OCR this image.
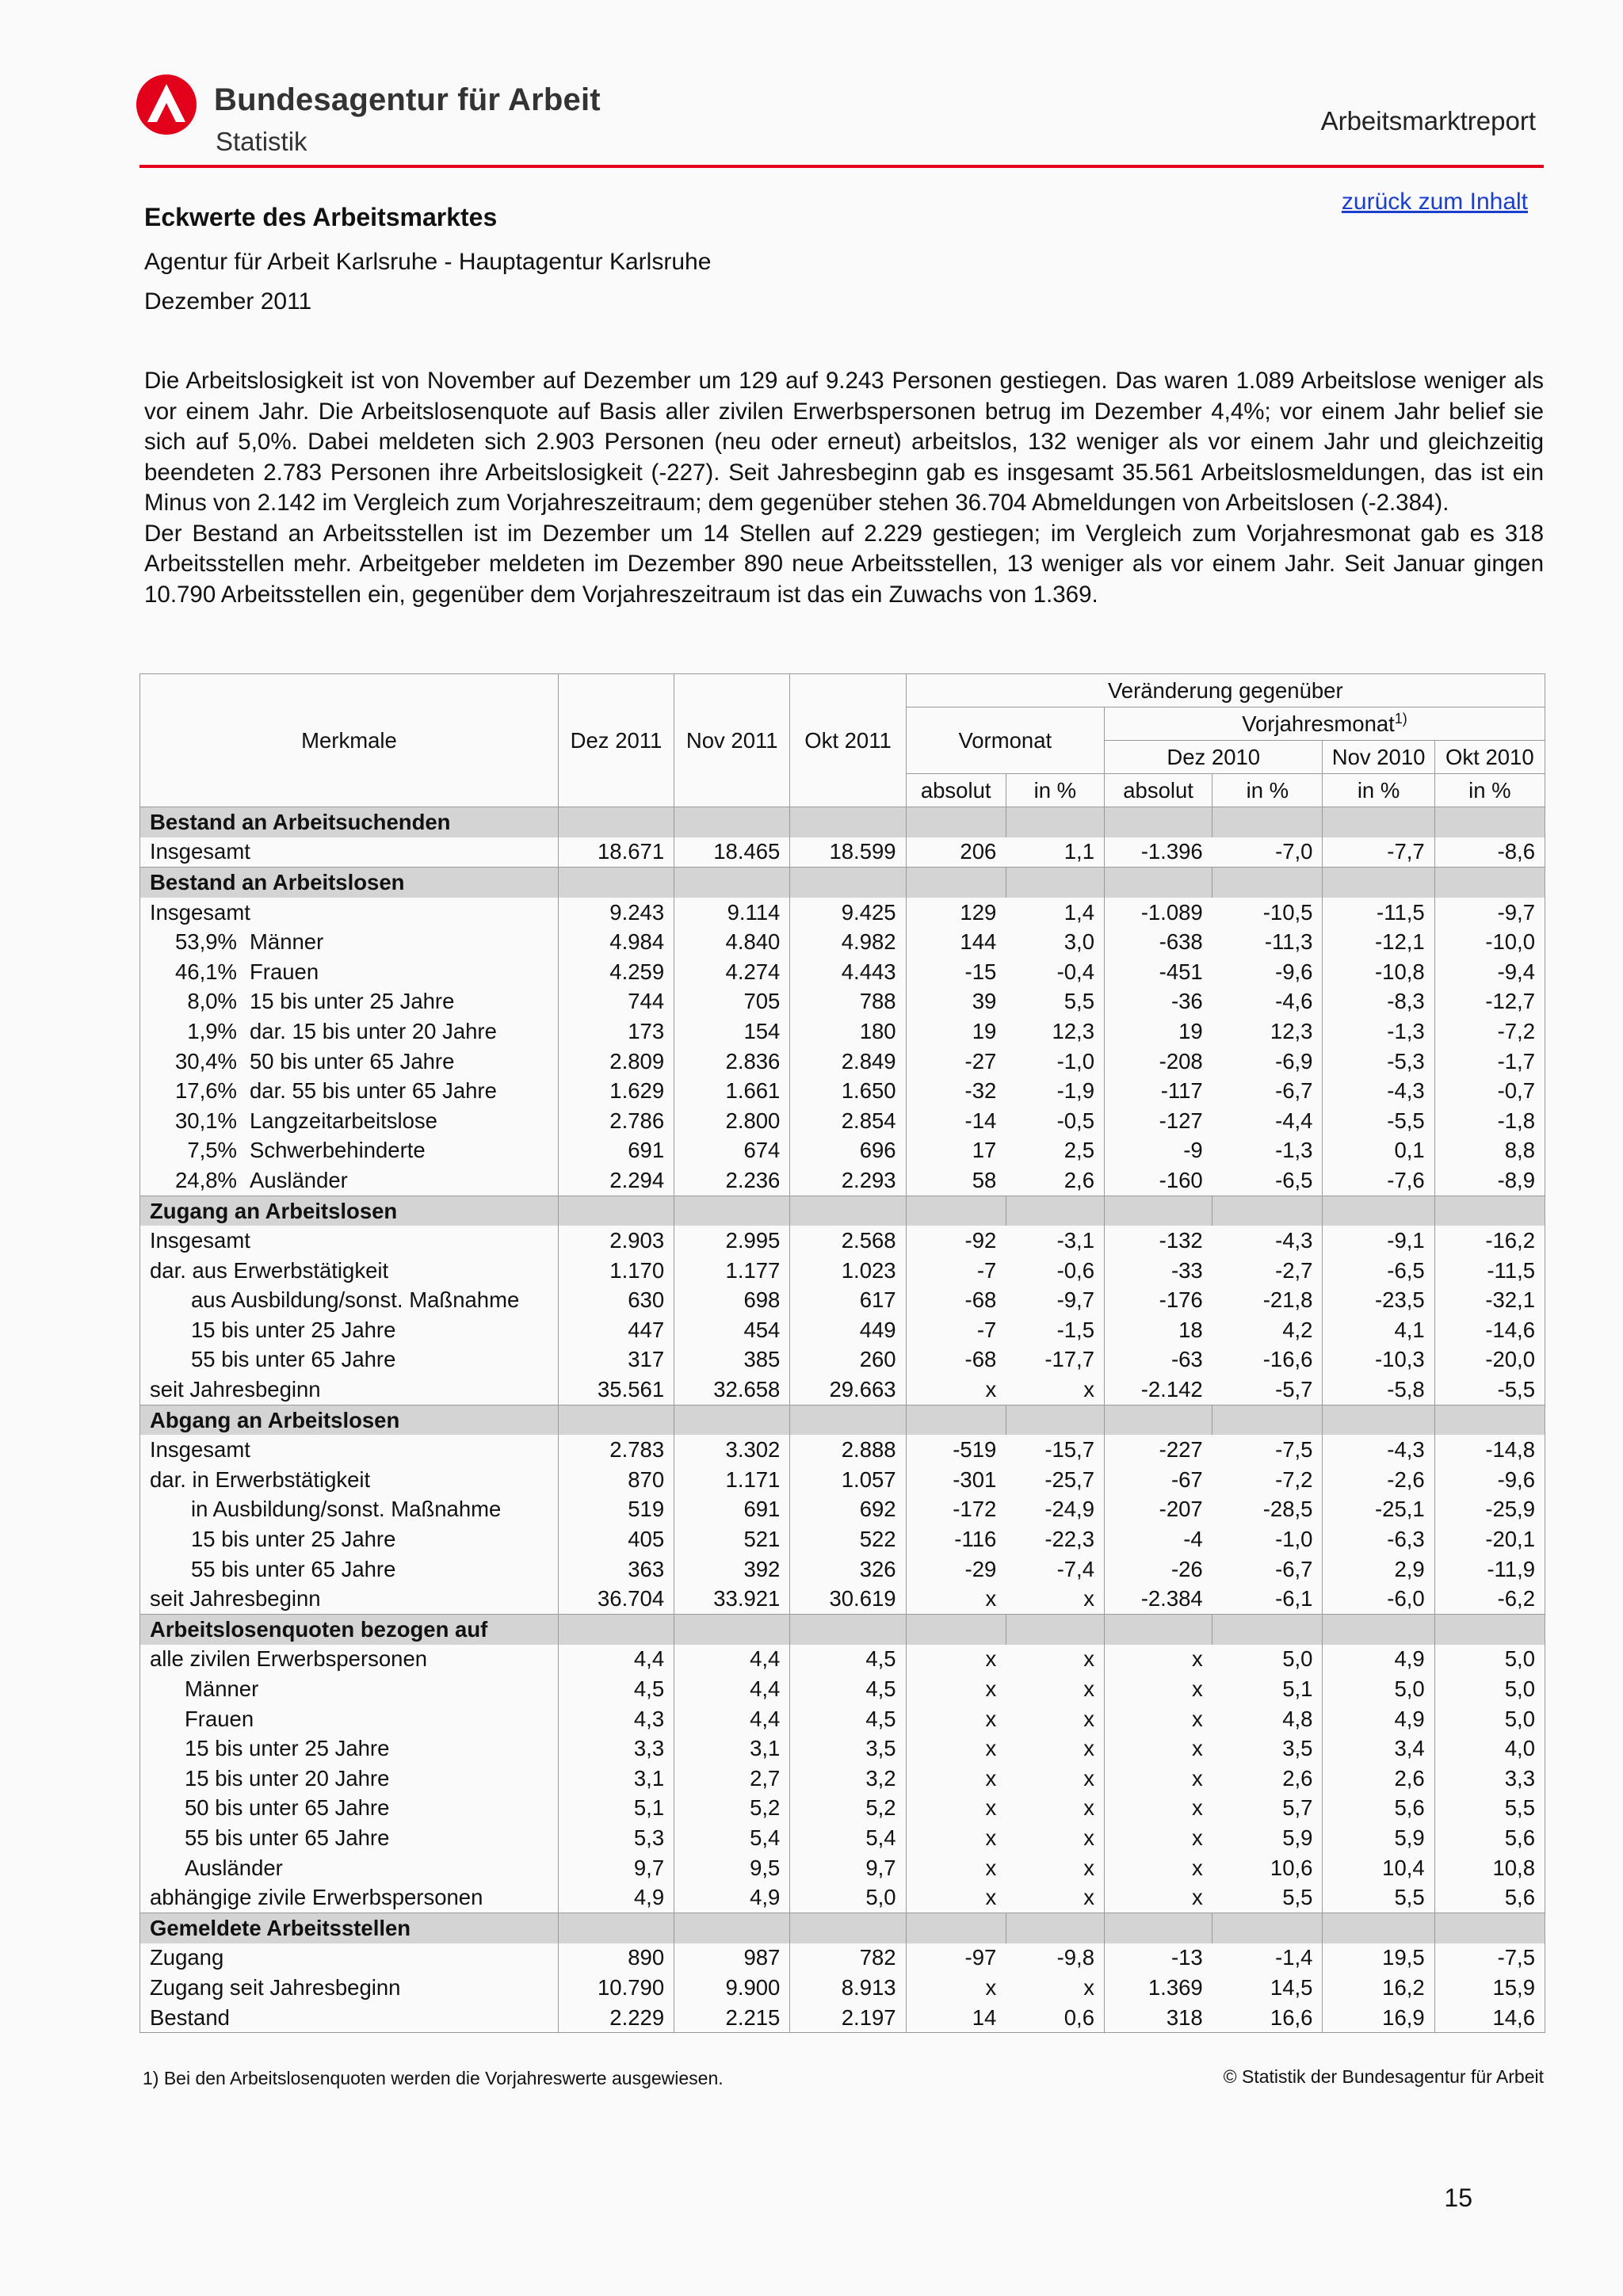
Bundesagentur für Arbeit
Statistik
Arbeitsmarktreport
zurück zum Inhalt
Eckwerte des Arbeitsmarktes
Agentur für Arbeit Karlsruhe - Hauptagentur Karlsruhe
Dezember 2011

Die Arbeitslosigkeit ist von November auf Dezember um 129 auf 9.243 Personen gestiegen. Das waren 1.089 Arbeitslose weniger als vor einem Jahr. Die Arbeitslosenquote auf Basis aller zivilen Erwerbspersonen betrug im Dezember 4,4%; vor einem Jahr belief sie sich auf 5,0%. Dabei meldeten sich 2.903 Personen (neu oder erneut) arbeitslos, 132 weniger als vor einem Jahr und gleichzeitig beendeten 2.783 Personen ihre Arbeitslosigkeit (-227). Seit Jahresbeginn gab es insgesamt 35.561 Arbeitslosmeldungen, das ist ein Minus von 2.142 im Vergleich zum Vorjahreszeitraum; dem gegenüber stehen 36.704 Abmeldungen von Arbeitslosen (-2.384).

Der Bestand an Arbeitsstellen ist im Dezember um 14 Stellen auf 2.229 gestiegen; im Vergleich zum Vorjahresmonat gab es 318 Arbeitsstellen mehr. Arbeitgeber meldeten im Dezember 890 neue Arbeitsstellen, 13 weniger als vor einem Jahr. Seit Januar gingen 10.790 Arbeitsstellen ein, gegenüber dem Vorjahreszeitraum ist das ein Zuwachs von 1.369.

Merkmale	Dez 2011	Nov 2011	Okt 2011	Veränderung gegenüber					
				Vormonat		Vorjahresmonat$^{1)}$
						Dez 2010		Nov 2010	Okt 2010
				absolut	in %	absolut	in %	in %	in %
Bestand an Arbeitsuchenden									
Insgesamt	18.671	18.465	18.599	206	1,1	-1.396	-7,0	-7,7	-8,6
Bestand an Arbeitslosen									
Insgesamt	9.243	9.114	9.425	129	1,4	-1.089	-10,5	-11,5	-9,7
53,9% Männer	4.984	4.840	4.982	144	3,0	-638	-11,3	-12,1	-10,0
46,1% Frauen	4.259	4.274	4.443	-15	-0,4	-451	-9,6	-10,8	-9,4
8,0% 15 bis unter 25 Jahre	744	705	788	39	5,5	-36	-4,6	-8,3	-12,7
1,9% dar. 15 bis unter 20 Jahre	173	154	180	19	12,3	19	12,3	-1,3	-7,2
30,4% 50 bis unter 65 Jahre	2.809	2.836	2.849	-27	-1,0	-208	-6,9	-5,3	-1,7
17,6% dar. 55 bis unter 65 Jahre	1.629	1.661	1.650	-32	-1,9	-117	-6,7	-4,3	-0,7
30,1% Langzeitarbeitslose	2.786	2.800	2.854	-14	-0,5	-127	-4,4	-5,5	-1,8
7,5% Schwerbehinderte	691	674	696	17	2,5	-9	-1,3	0,1	8,8
24,8% Ausländer	2.294	2.236	2.293	58	2,6	-160	-6,5	-7,6	-8,9
Zugang an Arbeitslosen									
Insgesamt	2.903	2.995	2.568	-92	-3,1	-132	-4,3	-9,1	-16,2
dar. aus Erwerbstätigkeit	1.170	1.177	1.023	-7	-0,6	-33	-2,7	-6,5	-11,5
aus Ausbildung/sonst. Maßnahme	630	698	617	-68	-9,7	-176	-21,8	-23,5	-32,1
15 bis unter 25 Jahre	447	454	449	-7	-1,5	18	4,2	4,1	-14,6
55 bis unter 65 Jahre	317	385	260	-68	-17,7	-63	-16,6	-10,3	-20,0
seit Jahresbeginn	35.561	32.658	29.663	x	x	-2.142	-5,7	-5,8	-5,5
Abgang an Arbeitslosen									
Insgesamt	2.783	3.302	2.888	-519	-15,7	-227	-7,5	-4,3	-14,8
dar. in Erwerbstätigkeit	870	1.171	1.057	-301	-25,7	-67	-7,2	-2,6	-9,6
in Ausbildung/sonst. Maßnahme	519	691	692	-172	-24,9	-207	-28,5	-25,1	-25,9
15 bis unter 25 Jahre	405	521	522	-116	-22,3	-4	-1,0	-6,3	-20,1
55 bis unter 65 Jahre	363	392	326	-29	-7,4	-26	-6,7	2,9	-11,9
seit Jahresbeginn	36.704	33.921	30.619	x	x	-2.384	-6,1	-6,0	-6,2
Arbeitslosenquoten bezogen auf									
alle zivilen Erwerbspersonen	4,4	4,4	4,5	x	x	x	5,0	4,9	5,0
Männer	4,5	4,4	4,5	x	x	x	5,1	5,0	5,0
Frauen	4,3	4,4	4,5	x	x	x	4,8	4,9	5,0
15 bis unter 25 Jahre	3,3	3,1	3,5	x	x	x	3,5	3,4	4,0
15 bis unter 20 Jahre	3,1	2,7	3,2	x	x	x	2,6	2,6	3,3
50 bis unter 65 Jahre	5,1	5,2	5,2	x	x	x	5,7	5,6	5,5
55 bis unter 65 Jahre	5,3	5,4	5,4	x	x	x	5,9	5,9	5,6
Ausländer	9,7	9,5	9,7	x	x	x	10,6	10,4	10,8
abhängige zivile Erwerbspersonen	4,9	4,9	5,0	x	x	x	5,5	5,5	5,6
Gemeldete Arbeitsstellen									
Zugang	890	987	782	-97	-9,8	-13	-1,4	19,5	-7,5
Zugang seit Jahresbeginn	10.790	9.900	8.913	x	x	1.369	14,5	16,2	15,9
Bestand	2.229	2.215	2.197	14	0,6	318	16,6	16,9	14,6
1) Bei den Arbeitslosenquoten werden die Vorjahreswerte ausgewiesen.	© Statistik der Bundesagentur für Arbeit
15
